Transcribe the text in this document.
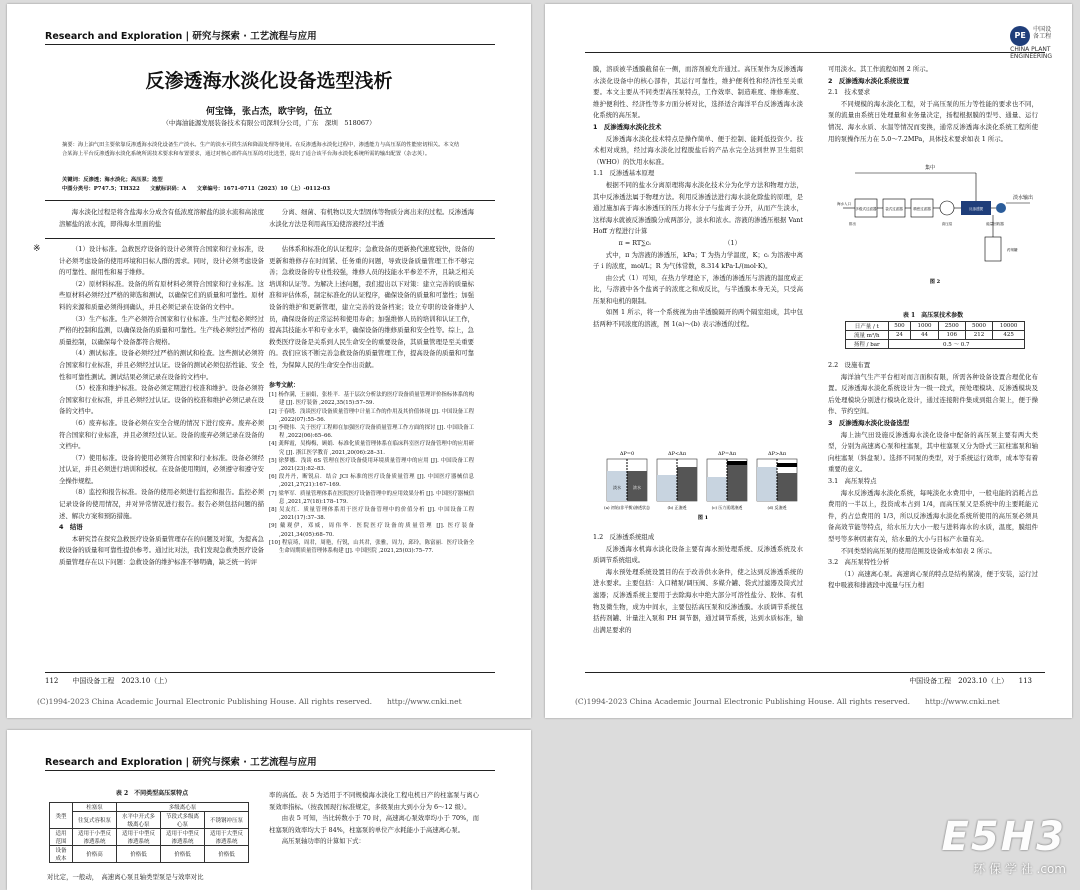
Research and Exploration | 研究与探索 · 工艺流程与应用
反渗透海水淡化设备选型浅析
何宝锋，张占杰，欧宇钧，伍立
（中海油能源发展装备技术有限公司深圳分公司，广东　深圳　518067）
摘要：海上油气田主要依靠反渗透海水淡化设备生产淡水。生产的淡水可供生活和降温处理等使用。在反渗透海水淡化过程中，渗透能力与高压泵的性能密切相关。本文结合某海上平台反渗透海水淡化系统所需技术要求和布置要求，通过对核心部件高压泵的对比选型，提出了适合该平台海水淡化系统所需的输出配置（杂志英）。
关键词：反渗透；海水淡化；高压泵；选型
中图分类号：P747.5；TH322　　文献标识码：A　　文章编号：1671-0711（2023）10（上）-0112-03

海水淡化过程是将含盐海水分成含有低浓度溶解盐的淡水流和高浓度溶解盐的浓水流，即得海水里面的盐

分离、细菌、有机物以及大型固体等物质分离出来的过程。反渗透海水淡化方法是利用高压迫使溶液经过半透

※	（1）设计标准。急救医疗设备的设计必须符合国家和行业标准，设计必须考虑设备的使用环境和目标人群的需求。同时，设计必须考虑设备的可靠性、耐用性和易于维修。

（2）原材料标准。设备的所有原材料必须符合国家和行业标准。这些原材料必须经过严格的筛选和测试，以确保它们的质量和可靠性。原材料的来源和质量必须得到确认，并且必须记录在设备的文档中。

（3）生产标准。生产必须符合国家和行业标准。生产过程必须经过严格的控制和监测，以确保设备的质量和可靠性。生产线必须经过严格的质量控制，以确保每个设备都符合规格。

（4）测试标准。设备必须经过严格的测试和检查。这些测试必须符合国家和行业标准，并且必须经过认证。设备的测试必须包括性能、安全性和可靠性测试。测试结果必须记录在设备的文档中。

（5）校准和维护标准。设备必须定期进行校准和维护。设备必须符合国家和行业标准，并且必须经过认证。设备的校准和维护必须记录在设备的文档中。

（6）废弃标准。设备必须在安全合规的情况下进行废弃。废弃必须符合国家和行业标准，并且必须经过认证。设备的废弃必须记录在设备的文档中。

（7）使用标准。设备的使用必须符合国家和行业标准。设备必须经过认证，并且必须进行培训和授权。在设备使用期间，必须遵守和遵守安全操作规程。

（8）监控和报告标准。设备的使用必须进行监控和报告。监控必须记录设备的使用情况，并对异常情况进行报告。报告必须包括问题的描述、解决方案和预防措施。

4　结语

本研究旨在探究急救医疗设备质量管理存在的问题及对策，为提高急救设备的质量和可靠性提供参考。通过比对法，我们发现急救类医疗设备质量管理存在以下问题：急救设备的维护标准不够明确，缺乏统一的评

估体系和标准化的认证程序；急救设备的更新换代速度较快，设备的更新和维修存在时间紧、任务重的问题，导致设备质量管理工作不够完善；急救设备的专业性较强，维修人员的技能水平参差不齐，且缺乏相关培训和认证等。为解决上述问题，我们提出以下对策：建立完善的质量标准和评估体系，制定标准化的认证程序，确保设备的质量和可靠性；加强设备的维护和更新管理，建立完善的设备档案；设立专职的设备维护人员，确保设备的正常运转和使用寿命；加强维修人员的培训和认证工作，提高其技能水平和专业水平，确保设备的维修质量和安全性等。综上，急救类医疗设备是关系到人民生命安全的重要设备，其质量管理是至关重要的。我们应该不断完善急救设备的质量管理工作，提高设备的质量和可靠性，为保障人民的生命安全作出贡献。

参考文献：

[1] 杨作满，王丽娟，张桂平．基于层次分析法的医疗设备质量管理评价指标体系的构建 [J]. 医疗装备 ,2022,35(15):57–59.
[2] 于春晓．浅谈医疗设备质量管理中计量工作的作用及其价值体现 [J]. 中国设备工程 ,2022(07):55–56.
[3] 李晓伟．关于医疗工程师在加强医疗设备质量管理工作方面的探讨 [J]. 中国设备工程 ,2022(06):65–66.
[4] 龚辉霞，吴梅梅，顾娟．标准化质量管理体系在临床科室医疗设备管理中的应用研究 [J]. 浙江医学教育 ,2021,20(06):28–31.
[5] 徐梦娜．浅谈 6S 管理在医疗设备使用环境质量管理中的应用 [J]. 中国设备工程 ,2021(23):82–83.
[6] 段丹丹，断锐启．结合 JCI 标准的医疗设备质量管理 [J]. 中国医疗器械信息 ,2021,27(21):167–169.
[7] 梁华军．质量管理体系在医院医疗设备管理中的应用效果分析 [J]. 中国医疗器械信息 ,2021,27(18):178–179.
[8] 吴友红．质量管理体系用于医疗设备管理中的价值分析 [J]. 中国设备工程 ,2021(17):37–38.
[9] 戴观伊，邓威，周伟华．医院医疗设备的质量管理 [J]. 医疗装备 ,2021,34(05):68–70.
[10] 程宸琦，周君，周艳，行锐，山其君，张雅，周力，邱玲，陈富丽．医疗设备全生命周期质量管理体系构建 [J]. 中国医院 ,2021,25(03):75–77.
112　　中国设备工程　2023.10（上）
(C)1994-2023 China Academic Journal Electronic Publishing House. All rights reserved.　　http://www.cnki.net
PE
中国设备工程
CHINA PLANT
ENGINEERING

膜，溶质被半透膜截留在一侧，而溶剂被允许通过。高压泵作为反渗透海水淡化设备中的核心部件，其运行可靠性，维护便利性和经济性至关重要。本文主要从不同类型高压泵特点，工作效率、制造难度、维修难度、维护便利性、经济性等多方面分析对比，选择适合海洋平台反渗透海水淡化系统的高压泵。

1　反渗透海水淡化技术

反渗透海水淡化技术特点是操作简单、便于控制、能耗低投资少。技术相对成熟，经过海水淡化过程脱盐后的产品水完全达到世界卫生组织（WHO）的饮用水标准。

1.1　反渗透基本原理

根据不同的盐水分离原理将海水淡化技术分为化学方法和物理方法，其中反渗透法属于物理方法。利用反渗透法进行海水淡化除盐的原理，是通过施加高于海水渗透压的压力将水分子与盐离子分开，从而产生淡水，这样海水就被反渗透膜分成两部分，淡水和浓水。溶液的渗透压根据 Vant Hoff 方程进行计算

π = RT∑cᵢ　　　　　　　　　　　　（1）

式中，π 为溶液的渗透压，kPa；T 为热力学温度，K；cᵢ 为溶液中离子 i 的浓度，mol/L；R 为气体常数，8.314 kPa·L/(mol·K)。

由公式（1）可知，在热力学理论下，渗透的渗透压与溶液的温度成正比，与溶液中各个盐离子的浓度之和成反比，与半透膜本身无关，只受高压泵和电机的限制。

如图 1 所示，将一个系统视为由半透膜隔开的两个隔室组成，其中包括两种不同浓度的溶液，图 1(a)～(b) 表示渗透的过程。

ΔP=0
(a) 初始(非平衡)渗透状态
ΔP<Δπ
(b) 正渗透
ΔP=Δπ
(c) 压力延缓渗透
ΔP>Δπ
(d) 反渗透
淡水	浓水
图 1

1.2　反渗透系统组成

反渗透海水机海水淡化设备主要有海水预处理系统、反渗透系统及水质调节系统组成。

海水预处理系统设置目的在于改善供水条件，使之达到反渗透系统的进水要求。主要包括：入口精泵/调压阀、多媒介罐、袋式过滤器及筒式过滤器；反渗透系统主要用于去除海水中绝大部分可溶性盐分、胶体、有机物及微生物，成为中间水，主要包括高压泵和反渗透膜。水质调节系统包括药剂罐、计量注入泵和 PH 调节器，通过调节系统，达到水质标准，输出满足要求的

可用淡水。其工作流程如图 2 所示。

2　反渗透海水淡化系统设置

2.1　技术要求

不同规模的海水淡化工程，对于高压泵的压力等性能的要求也不同，泵的流量由系统日处理量和业务量决定，扬程根据膜的型号、通量、运行情况、海水水质、水温等情况而变换，通常反渗透海水淡化系统工程所使用的泵操作压力在 5.0～7.2MPa，具体技术要求如表 1 所示。

集中
淡水输出
多级式过滤器	袋式过滤器	精密过滤器
高压泵
反渗透膜
能量回收器
药剂罐
排出
海水入口
图 2
表 1　高压泵技术参数
日产量 / t	500	1000	2500	5000	10000
流量 m³/h	24	44	106	212	425
扬程 / bar	0.5 ～ 0.7				

2.2　设施布置

海洋油气生产平台相对而言面积有限，所需各种设备设置合理优化布置。反渗透海水淡化系统设计为一级一段式，预处理模块、反渗透模块及后处理模块分别进行模块化设计，通过连接附件集成到组合架上，便于操作、节约空间。

3　反渗透海水淡化设备选型

海上油气田设施反渗透海水淡化设备中配备的高压泵主要有两大类型，分别为高速离心泵和柱塞泵，其中柱塞泵又分为卧式三缸柱塞泵和轴向柱塞泵（斜盘泵）。选择不同泵的类型，对于系统运行效率，成本等有着重要的意义。

3.1　高压泵特点

海水反渗透海水淡化系统，每吨淡化水费用中，一般电能的消耗占总费用的一半以上，投资成本占到 1/4，而高压泵又是系统中的主要耗能元件，约占总费用的 1/3，所以反渗透海水淡化系统所使用的高压泵必须具备高效节能等特点，给水压力大小一般与进料海水的水质，温度，膜组件型号等多种因素有关，给水量的大小与目标产水量有关。

不同类型的高压泵的使用范围及设备成本如表 2 所示。

3.2　高压泵特性分析

（1）高速离心泵。高速离心泵的特点是结构紧凑，便于安装，运行过程中吸液和排液段中流量与压力相

中国设备工程　2023.10（上）　　113
(C)1994-2023 China Academic Journal Electronic Publishing House. All rights reserved.　　http://www.cnki.net
Research and Exploration | 研究与探索 · 工艺流程与应用
表 2　不同类型高压泵特点
类型	柱塞泵	多级离心泵		
	往复式容积泵	水平中开式多级离心泵	节段式多级离心泵	不锈钢冲压泵
适用范围	适用于小型反渗透系统	适用于中型反渗透系统	适用于中型反渗透系统	适用于大型反渗透系统
设备成本	价格高	价格低	价格低	价格低

对比定，一般动，　高速离心泵且轴类型泵是与效率对比

率的高低。表 5 为适用于不同规模海水淡化工程电机日产的柱塞泵与离心泵效率指标。（按我国现行标准规定，多级泵由大到小分为 6～12 级）。

由表 5 可知，当比转数小于 70 时，高速离心泵效率均小于 70%，而柱塞泵的效率均大于 84%，柱塞泵的单位产水耗能小于高速离心泵。

高压泵轴功率的计算如下式：	E5H3
环 保 学 社 .com
